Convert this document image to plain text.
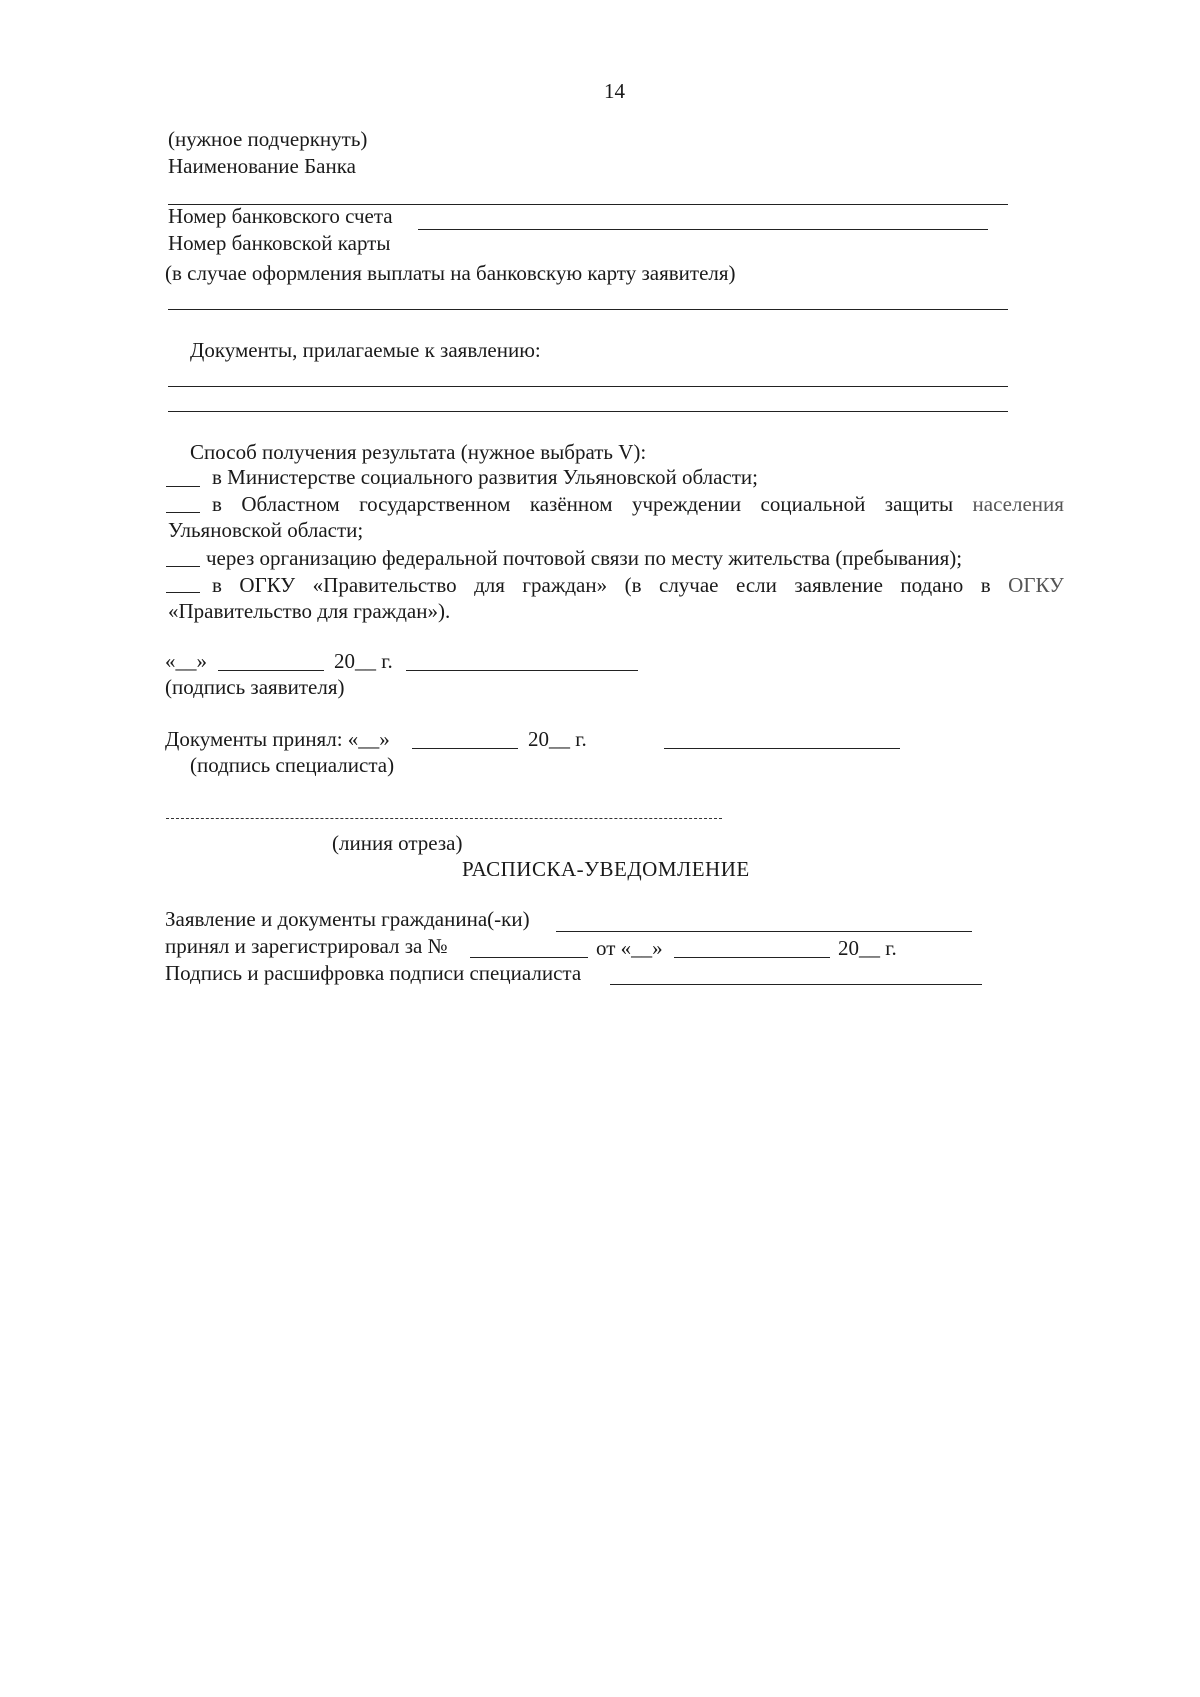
14
(нужное подчеркнуть)
Наименование Банка
Номер банковского счета
Номер банковской карты
(в случае оформления выплаты на банковскую карту заявителя)
Документы, прилагаемые к заявлению:
Способ получения результата (нужное выбрать V):
в Министерстве социального развития Ульяновской области;
в Областном государственном казённом учреждении социальной защиты населения
Ульяновской области;
через организацию федеральной почтовой связи по месту жительства (пребывания);
в ОГКУ «Правительство для граждан» (в случае если заявление подано в ОГКУ
«Правительство для граждан»).
«__»	20__ г.
(подпись заявителя)
Документы принял: «__»	20__ г.
(подпись специалиста)
(линия отреза)
РАСПИСКА-УВЕДОМЛЕНИЕ
Заявление и документы гражданина(-ки)
принял и зарегистрировал за №	от «__»	20__ г.
Подпись и расшифровка подписи специалиста
